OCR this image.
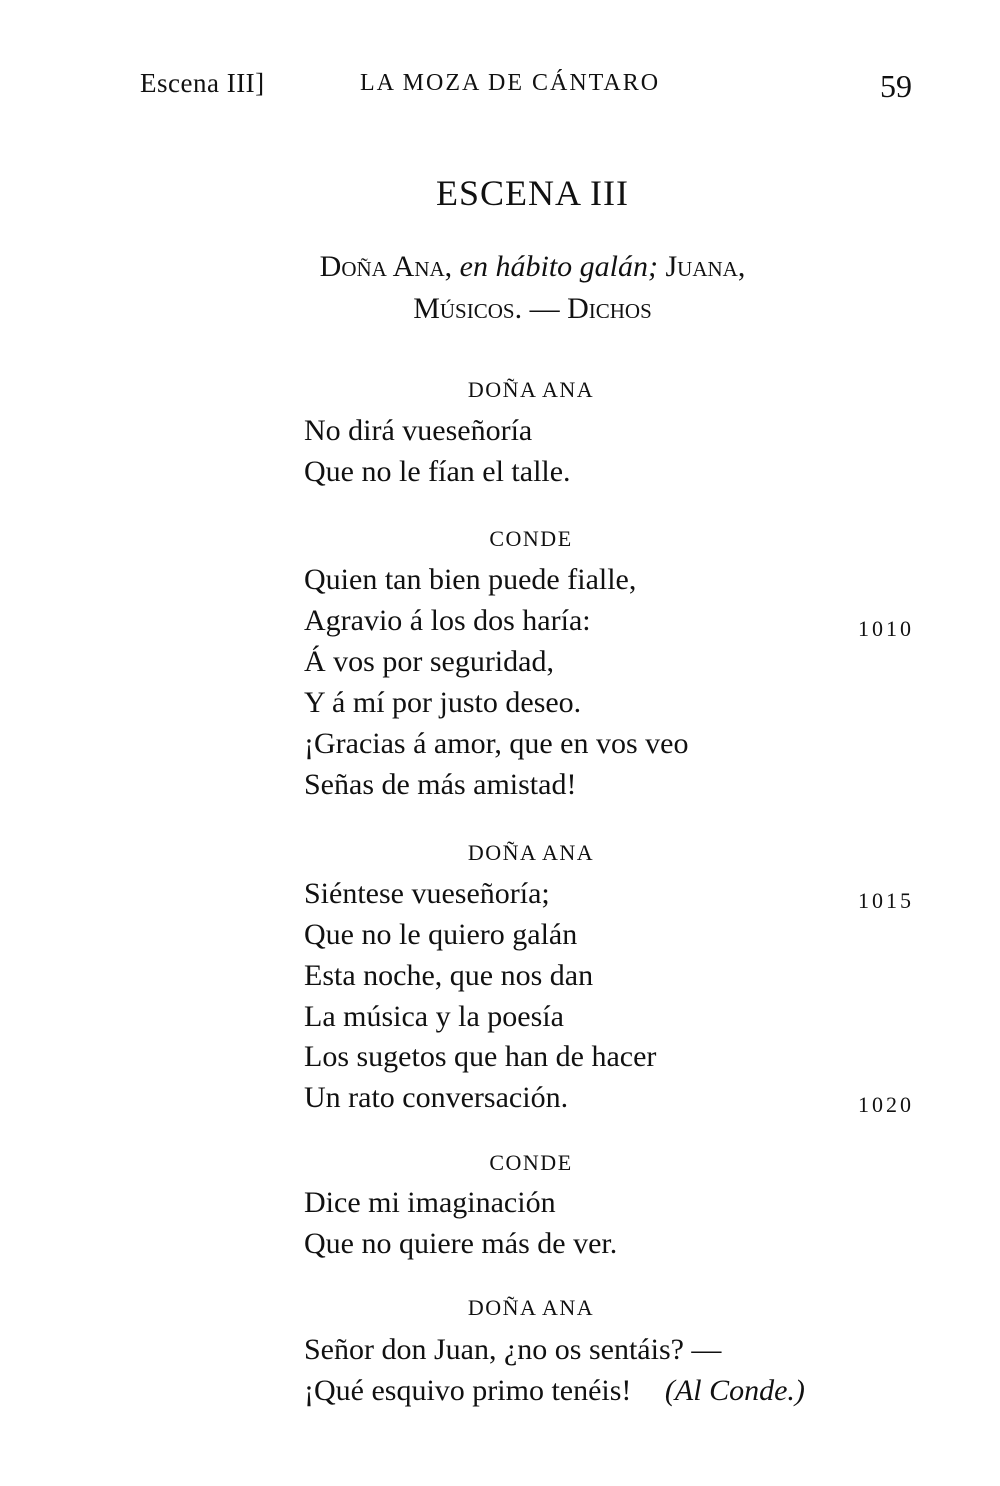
Escena III]	LA MOZA DE CÁNTARO	59
ESCENA III
Doña Ana, en hábito galán; Juana,
Músicos. — Dichos
DOÑA ANA
No dirá vueseñoría
Que no le fían el talle.
CONDE
Quien tan bien puede fialle,
Agravio á los dos haría:	1010
Á vos por seguridad,
Y á mí por justo deseo.
¡Gracias á amor, que en vos veo
Señas de más amistad!
DOÑA ANA
Siéntese vueseñoría;	1015
Que no le quiero galán
Esta noche, que nos dan
La música y la poesía
Los sugetos que han de hacer
Un rato conversación.	1020
CONDE
Dice mi imaginación
Que no quiere más de ver.
DOÑA ANA
Señor don Juan, ¿no os sentáis? —
¡Qué esquivo primo tenéis! (Al Conde.)
